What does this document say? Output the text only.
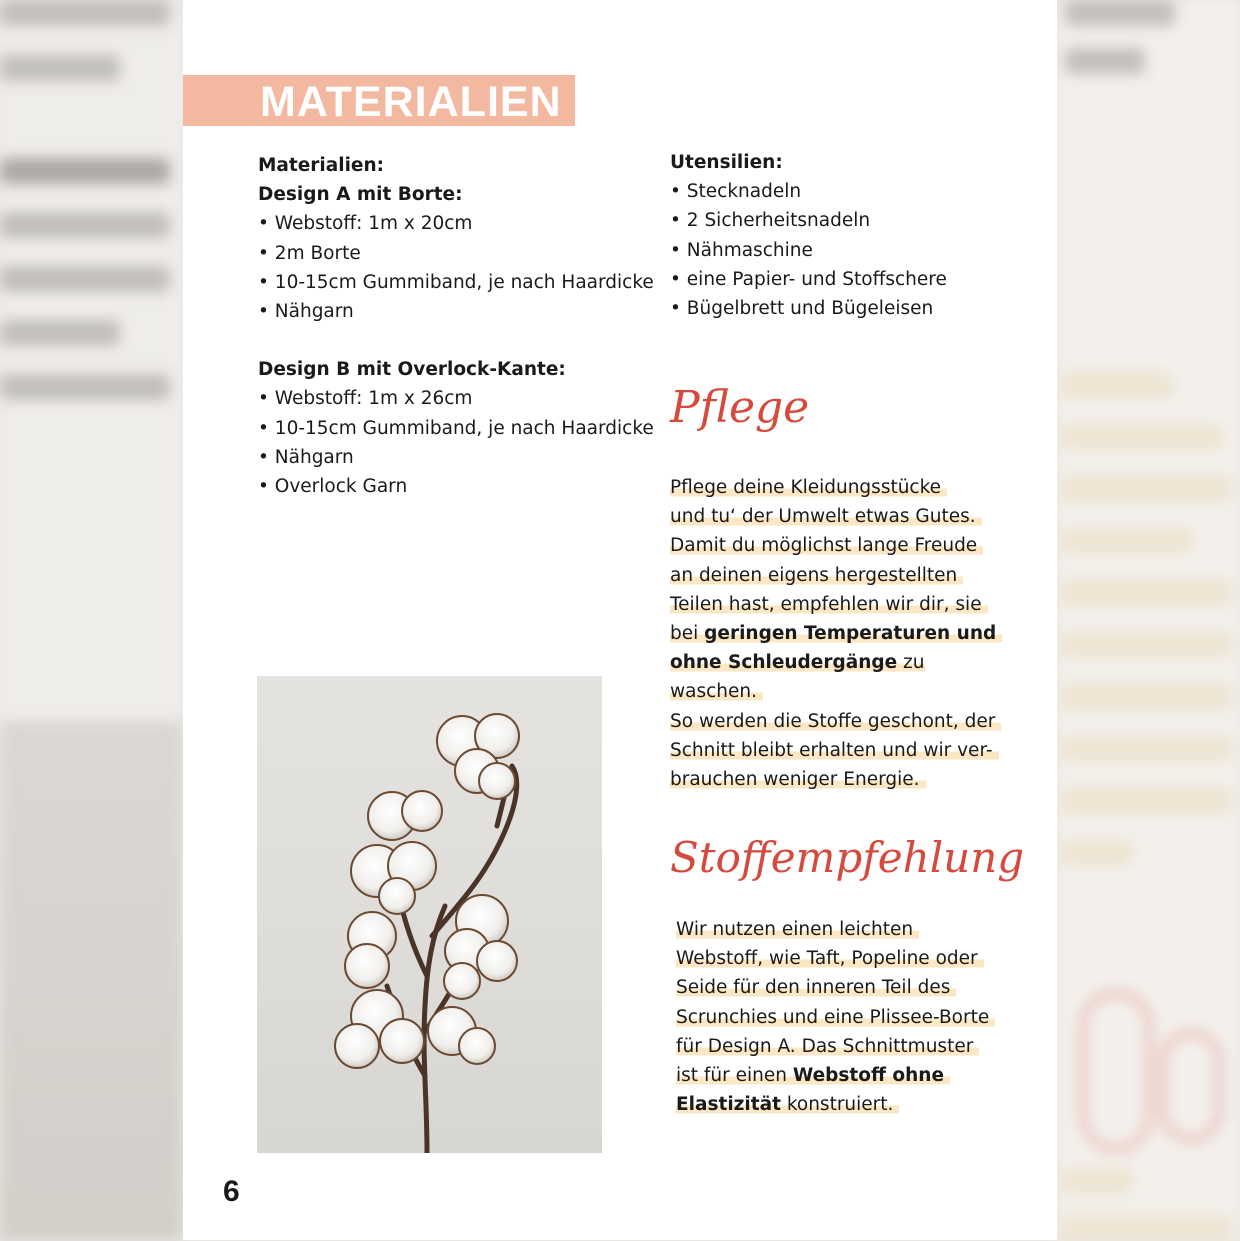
MATERIALIEN
Materialien:
Design A mit Borte:
• Webstoff: 1m x 20cm
• 2m Borte
• 10-15cm Gummiband, je nach Haardicke
• Nähgarn
Design B mit Overlock-Kante:
• Webstoff: 1m x 26cm
• 10-15cm Gummiband, je nach Haardicke
• Nähgarn
• Overlock Garn
Utensilien:
• Stecknadeln
• 2 Sicherheitsnadeln
• Nähmaschine
• eine Papier- und Stoffschere
• Bügelbrett und Bügeleisen
Pflege
Pflege deine Kleidungsstücke
und tu‘ der Umwelt etwas Gutes.
Damit du möglichst lange Freude
an deinen eigens hergestellten
Teilen hast, empfehlen wir dir, sie
bei geringen Temperaturen und
ohne Schleudergänge zu waschen.
So werden die Stoffe geschont, der
Schnitt bleibt erhalten und wir ver-
brauchen weniger Energie.
Stoffempfehlung
Wir nutzen einen leichten
Webstoff, wie Taft, Popeline oder
Seide für den inneren Teil des
Scrunchies und eine Plissee-Borte
für Design A. Das Schnittmuster
ist für einen Webstoff ohne
Elastizität konstruiert.
6
